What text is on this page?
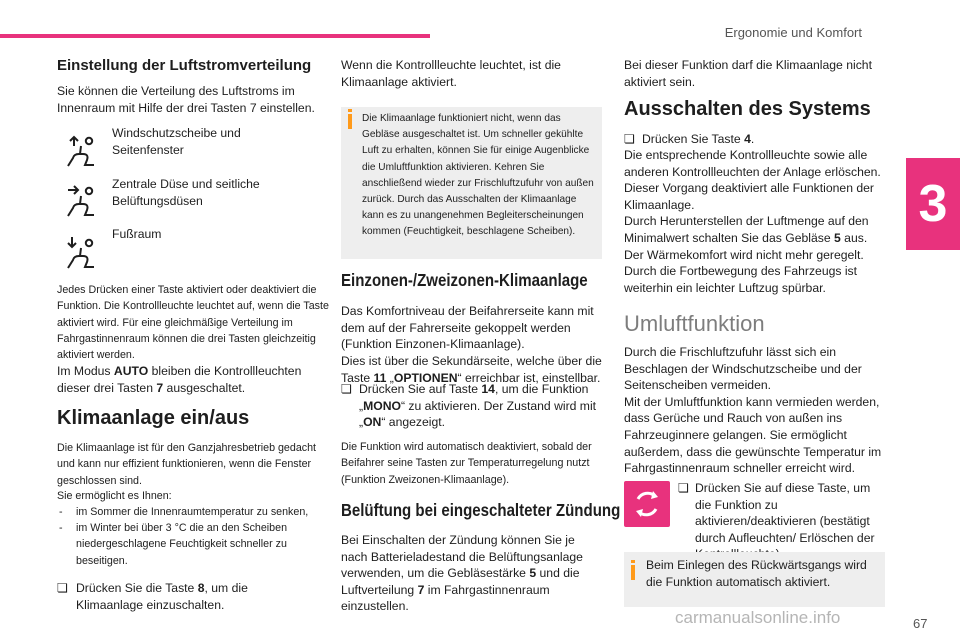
Ergonomie und Komfort
3
Einstellung der Luftstromverteilung

Sie können die Verteilung des Luftstroms im Innenraum mit Hilfe der drei Tasten 7 einstellen.

Windschutzscheibe und Seitenfenster

Zentrale Düse und seitliche Belüftungsdüsen

Fußraum

Jedes Drücken einer Taste aktiviert oder deaktiviert die Funktion. Die Kontrollleuchte leuchtet auf, wenn die Taste aktiviert wird. Für eine gleichmäßige Verteilung im Fahrgastinnenraum können die drei Tasten gleichzeitig aktiviert werden.

Im Modus AUTO bleiben die Kontrollleuchten dieser drei Tasten 7 ausgeschaltet.

Klimaanlage ein/aus

Die Klimaanlage ist für den Ganzjahresbetrieb gedacht und kann nur effizient funktionieren, wenn die Fenster geschlossen sind.

Sie ermöglicht es Ihnen:

- im Sommer die Innenraumtemperatur zu senken,

- im Winter bei über 3 °C die an den Scheiben niedergeschlagene Feuchtigkeit schneller zu beseitigen.

❏ Drücken Sie die Taste 8, um die Klimaanlage einzuschalten.

Wenn die Kontrollleuchte leuchtet, ist die Klimaanlage aktiviert.

Die Klimaanlage funktioniert nicht, wenn das Gebläse ausgeschaltet ist. Um schneller gekühlte Luft zu erhalten, können Sie für einige Augenblicke die Umluftfunktion aktivieren. Kehren Sie anschließend wieder zur Frischluftzufuhr von außen zurück. Durch das Ausschalten der Klimaanlage kann es zu unangenehmen Begleiterscheinungen kommen (Feuchtigkeit, beschlagene Scheiben).

Einzonen-/Zweizonen-Klimaanlage

Das Komfortniveau der Beifahrerseite kann mit dem auf der Fahrerseite gekoppelt werden (Funktion Einzonen-Klimaanlage).

Dies ist über die Sekundärseite, welche über die Taste 11 „OPTIONEN“ erreichbar ist, einstellbar.

❏ Drücken Sie auf Taste 14, um die Funktion „MONO“ zu aktivieren. Der Zustand wird mit „ON“ angezeigt.

Die Funktion wird automatisch deaktiviert, sobald der Beifahrer seine Tasten zur Temperaturregelung nutzt (Funktion Zweizonen-Klimaanlage).

Belüftung bei eingeschalteter Zündung

Bei Einschalten der Zündung können Sie je nach Batterieladestand die Belüftungsanlage verwenden, um die Gebläsestärke 5 und die Luftverteilung 7 im Fahrgastinnenraum einzustellen.

Bei dieser Funktion darf die Klimaanlage nicht aktiviert sein.

Ausschalten des Systems
❏ Drücken Sie Taste 4.

Die entsprechende Kontrollleuchte sowie alle anderen Kontrollleuchten der Anlage erlöschen.

Dieser Vorgang deaktiviert alle Funktionen der Klimaanlage.

Durch Herunterstellen der Luftmenge auf den Minimalwert schalten Sie das Gebläse 5 aus.

Der Wärmekomfort wird nicht mehr geregelt.

Durch die Fortbewegung des Fahrzeugs ist weiterhin ein leichter Luftzug spürbar.

Umluftfunktion

Durch die Frischluftzufuhr lässt sich ein Beschlagen der Windschutzscheibe und der Seitenscheiben vermeiden.

Mit der Umluftfunktion kann vermieden werden, dass Gerüche und Rauch von außen ins Fahrzeuginnere gelangen. Sie ermöglicht außerdem, dass die gewünschte Temperatur im Fahrgastinnenraum schneller erreicht wird.

❏ Drücken Sie auf diese Taste, um die Funktion zu aktivieren/deaktivieren (bestätigt durch Aufleuchten/ Erlöschen der

Beim Einlegen des Rückwärtsgangs wird die Funktion automatisch aktiviert.

carmanualsonline.info	67
